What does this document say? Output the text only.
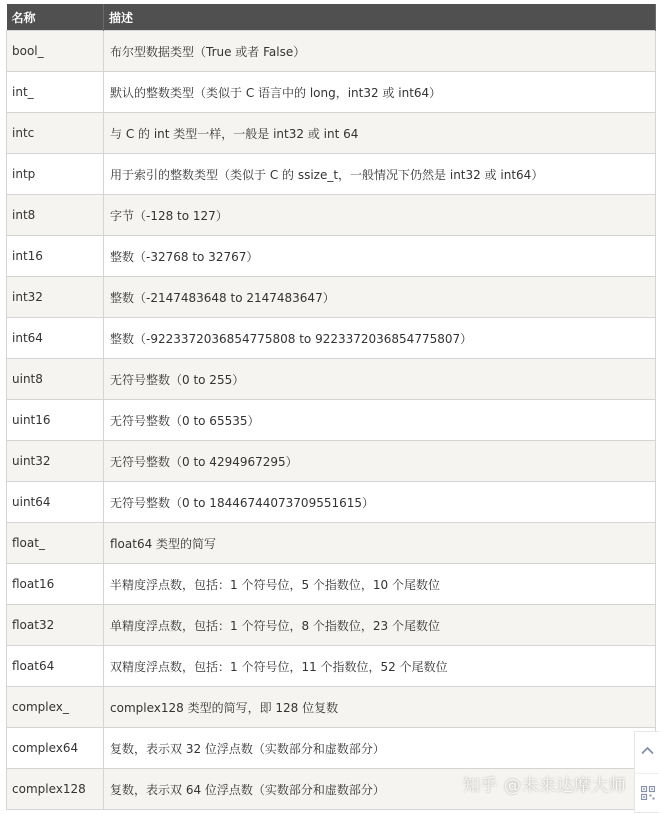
名称	描述
bool_	布尔型数据类型（True 或者 False）
int_	默认的整数类型（类似于 C 语言中的 long，int32 或 int64）
intc	与 C 的 int 类型一样，一般是 int32 或 int 64
intp	用于索引的整数类型（类似于 C 的 ssize_t，一般情况下仍然是 int32 或 int64）
int8	字节（-128 to 127）
int16	整数（-32768 to 32767）
int32	整数（-2147483648 to 2147483647）
int64	整数（-9223372036854775808 to 9223372036854775807）
uint8	无符号整数（0 to 255）
uint16	无符号整数（0 to 65535）
uint32	无符号整数（0 to 4294967295）
uint64	无符号整数（0 to 18446744073709551615）
float_	float64 类型的简写
float16	半精度浮点数，包括：1 个符号位，5 个指数位，10 个尾数位
float32	单精度浮点数，包括：1 个符号位，8 个指数位，23 个尾数位
float64	双精度浮点数，包括：1 个符号位，11 个指数位，52 个尾数位
complex_	complex128 类型的简写，即 128 位复数
complex64	复数，表示双 32 位浮点数（实数部分和虚数部分）
complex128	复数，表示双 64 位浮点数（实数部分和虚数部分）	知乎 @未来达摩大师
